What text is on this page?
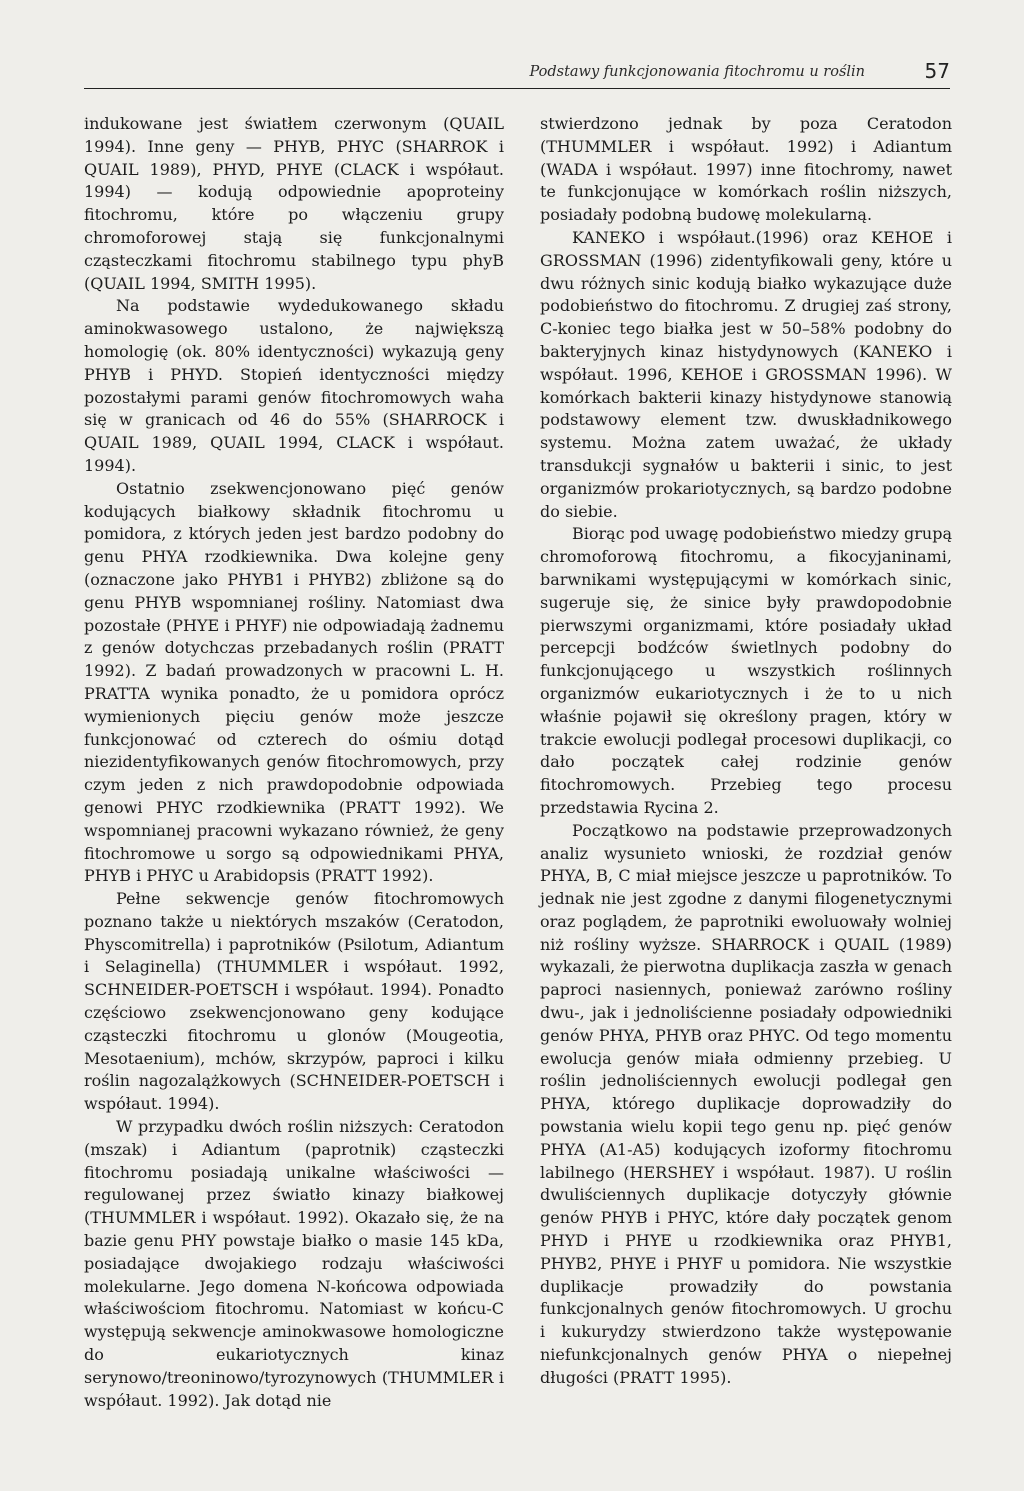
Podstawy funkcjonowania fitochromu u roślin	57

indukowane jest światłem czerwonym (QUAIL 1994). Inne geny — PHYB, PHYC (SHARROK i QUAIL 1989), PHYD, PHYE (CLACK i współaut. 1994) — kodują odpowiednie apoproteiny fitochromu, które po włączeniu grupy chromoforowej stają się funkcjonalnymi cząsteczkami fitochromu stabilnego typu phyB (QUAIL 1994, SMITH 1995).

Na podstawie wydedukowanego składu aminokwasowego ustalono, że największą homologię (ok. 80% identyczności) wykazują geny PHYB i PHYD. Stopień identyczności między pozostałymi parami genów fitochromowych waha się w granicach od 46 do 55% (SHARROCK i QUAIL 1989, QUAIL 1994, CLACK i współaut. 1994).

Ostatnio zsekwencjonowano pięć genów kodujących białkowy składnik fitochromu u pomidora, z których jeden jest bardzo podobny do genu PHYA rzodkiewnika. Dwa kolejne geny (oznaczone jako PHYB1 i PHYB2) zbliżone są do genu PHYB wspomnianej rośliny. Natomiast dwa pozostałe (PHYE i PHYF) nie odpowiadają żadnemu z genów dotychczas przebadanych roślin (PRATT 1992). Z badań prowadzonych w pracowni L. H. PRATTA wynika ponadto, że u pomidora oprócz wymienionych pięciu genów może jeszcze funkcjonować od czterech do ośmiu dotąd niezidentyfikowanych genów fitochromowych, przy czym jeden z nich prawdopodobnie odpowiada genowi PHYC rzodkiewnika (PRATT 1992). We wspomnianej pracowni wykazano również, że geny fitochromowe u sorgo są odpowiednikami PHYA, PHYB i PHYC u Arabidopsis (PRATT 1992).

Pełne sekwencje genów fitochromowych poznano także u niektórych mszaków (Ceratodon, Physcomitrella) i paprotników (Psilotum, Adiantum i Selaginella) (THUMMLER i współaut. 1992, SCHNEIDER-POETSCH i współaut. 1994). Ponadto częściowo zsekwencjonowano geny kodujące cząsteczki fitochromu u glonów (Mougeotia, Mesotaenium), mchów, skrzypów, paproci i kilku roślin nagozalążkowych (SCHNEIDER-POETSCH i współaut. 1994).

W przypadku dwóch roślin niższych: Ceratodon (mszak) i Adiantum (paprotnik) cząsteczki fitochromu posiadają unikalne właściwości — regulowanej przez światło kinazy białkowej (THUMMLER i współaut. 1992). Okazało się, że na bazie genu PHY powstaje białko o masie 145 kDa, posiadające dwojakiego rodzaju właściwości molekularne. Jego domena N-końcowa odpowiada właściwościom fitochromu. Natomiast w końcu-C występują sekwencje aminokwasowe homologiczne do eukariotycznych kinaz serynowo/treoninowo/tyrozynowych (THUMMLER i współaut. 1992). Jak dotąd nie

stwierdzono jednak by poza Ceratodon (THUMMLER i współaut. 1992) i Adiantum (WADA i współaut. 1997) inne fitochromy, nawet te funkcjonujące w komórkach roślin niższych, posiadały podobną budowę molekularną.

KANEKO i współaut.(1996) oraz KEHOE i GROSSMAN (1996) zidentyfikowali geny, które u dwu różnych sinic kodują białko wykazujące duże podobieństwo do fitochromu. Z drugiej zaś strony, C-koniec tego białka jest w 50–58% podobny do bakteryjnych kinaz histydynowych (KANEKO i współaut. 1996, KEHOE i GROSSMAN 1996). W komórkach bakterii kinazy histydynowe stanowią podstawowy element tzw. dwuskładnikowego systemu. Można zatem uważać, że układy transdukcji sygnałów u bakterii i sinic, to jest organizmów prokariotycznych, są bardzo podobne do siebie.

Biorąc pod uwagę podobieństwo miedzy grupą chromoforową fitochromu, a fikocyjaninami, barwnikami występującymi w komórkach sinic, sugeruje się, że sinice były prawdopodobnie pierwszymi organizmami, które posiadały układ percepcji bodźców świetlnych podobny do funkcjonującego u wszystkich roślinnych organizmów eukariotycznych i że to u nich właśnie pojawił się określony pragen, który w trakcie ewolucji podlegał procesowi duplikacji, co dało początek całej rodzinie genów fitochromowych. Przebieg tego procesu przedstawia Rycina 2.

Początkowo na podstawie przeprowadzonych analiz wysunieto wnioski, że rozdział genów PHYA, B, C miał miejsce jeszcze u paprotników. To jednak nie jest zgodne z danymi filogenetycznymi oraz poglądem, że paprotniki ewoluowały wolniej niż rośliny wyższe. SHARROCK i QUAIL (1989) wykazali, że pierwotna duplikacja zaszła w genach paproci nasiennych, ponieważ zarówno rośliny dwu-, jak i jednoliścienne posiadały odpowiedniki genów PHYA, PHYB oraz PHYC. Od tego momentu ewolucja genów miała odmienny przebieg. U roślin jednoliściennych ewolucji podlegał gen PHYA, którego duplikacje doprowadziły do powstania wielu kopii tego genu np. pięć genów PHYA (A1-A5) kodujących izoformy fitochromu labilnego (HERSHEY i współaut. 1987). U roślin dwuliściennych duplikacje dotyczyły głównie genów PHYB i PHYC, które dały początek genom PHYD i PHYE u rzodkiewnika oraz PHYB1, PHYB2, PHYE i PHYF u pomidora. Nie wszystkie duplikacje prowadziły do powstania funkcjonalnych genów fitochromowych. U grochu i kukurydzy stwierdzono także występowanie niefunkcjonalnych genów PHYA o niepełnej długości (PRATT 1995).
